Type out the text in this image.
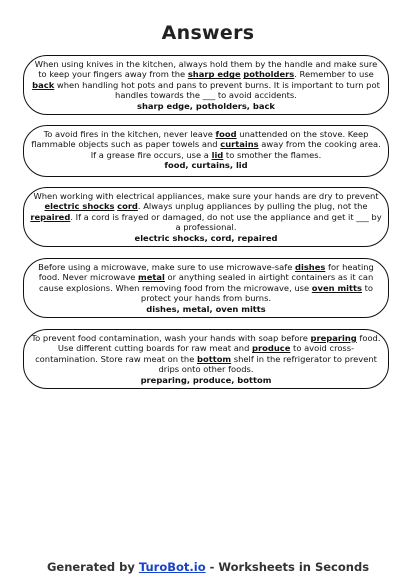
Answers
When using knives in the kitchen, always hold them by the handle and make sure to keep your fingers away from the sharp edge potholders. Remember to use back when handling hot pots and pans to prevent burns. It is important to turn pot handles towards the ___ to avoid accidents.
sharp edge, potholders, back
To avoid fires in the kitchen, never leave food unattended on the stove. Keep flammable objects such as paper towels and curtains away from the cooking area. If a grease fire occurs, use a lid to smother the flames.
food, curtains, lid
When working with electrical appliances, make sure your hands are dry to prevent electric shocks cord. Always unplug appliances by pulling the plug, not the repaired. If a cord is frayed or damaged, do not use the appliance and get it ___ by a professional.
electric shocks, cord, repaired
Before using a microwave, make sure to use microwave-safe dishes for heating food. Never microwave metal or anything sealed in airtight containers as it can cause explosions. When removing food from the microwave, use oven mitts to protect your hands from burns.
dishes, metal, oven mitts
To prevent food contamination, wash your hands with soap before preparing food. Use different cutting boards for raw meat and produce to avoid cross-contamination. Store raw meat on the bottom shelf in the refrigerator to prevent drips onto other foods.
preparing, produce, bottom
Generated by TuroBot.io - Worksheets in Seconds
